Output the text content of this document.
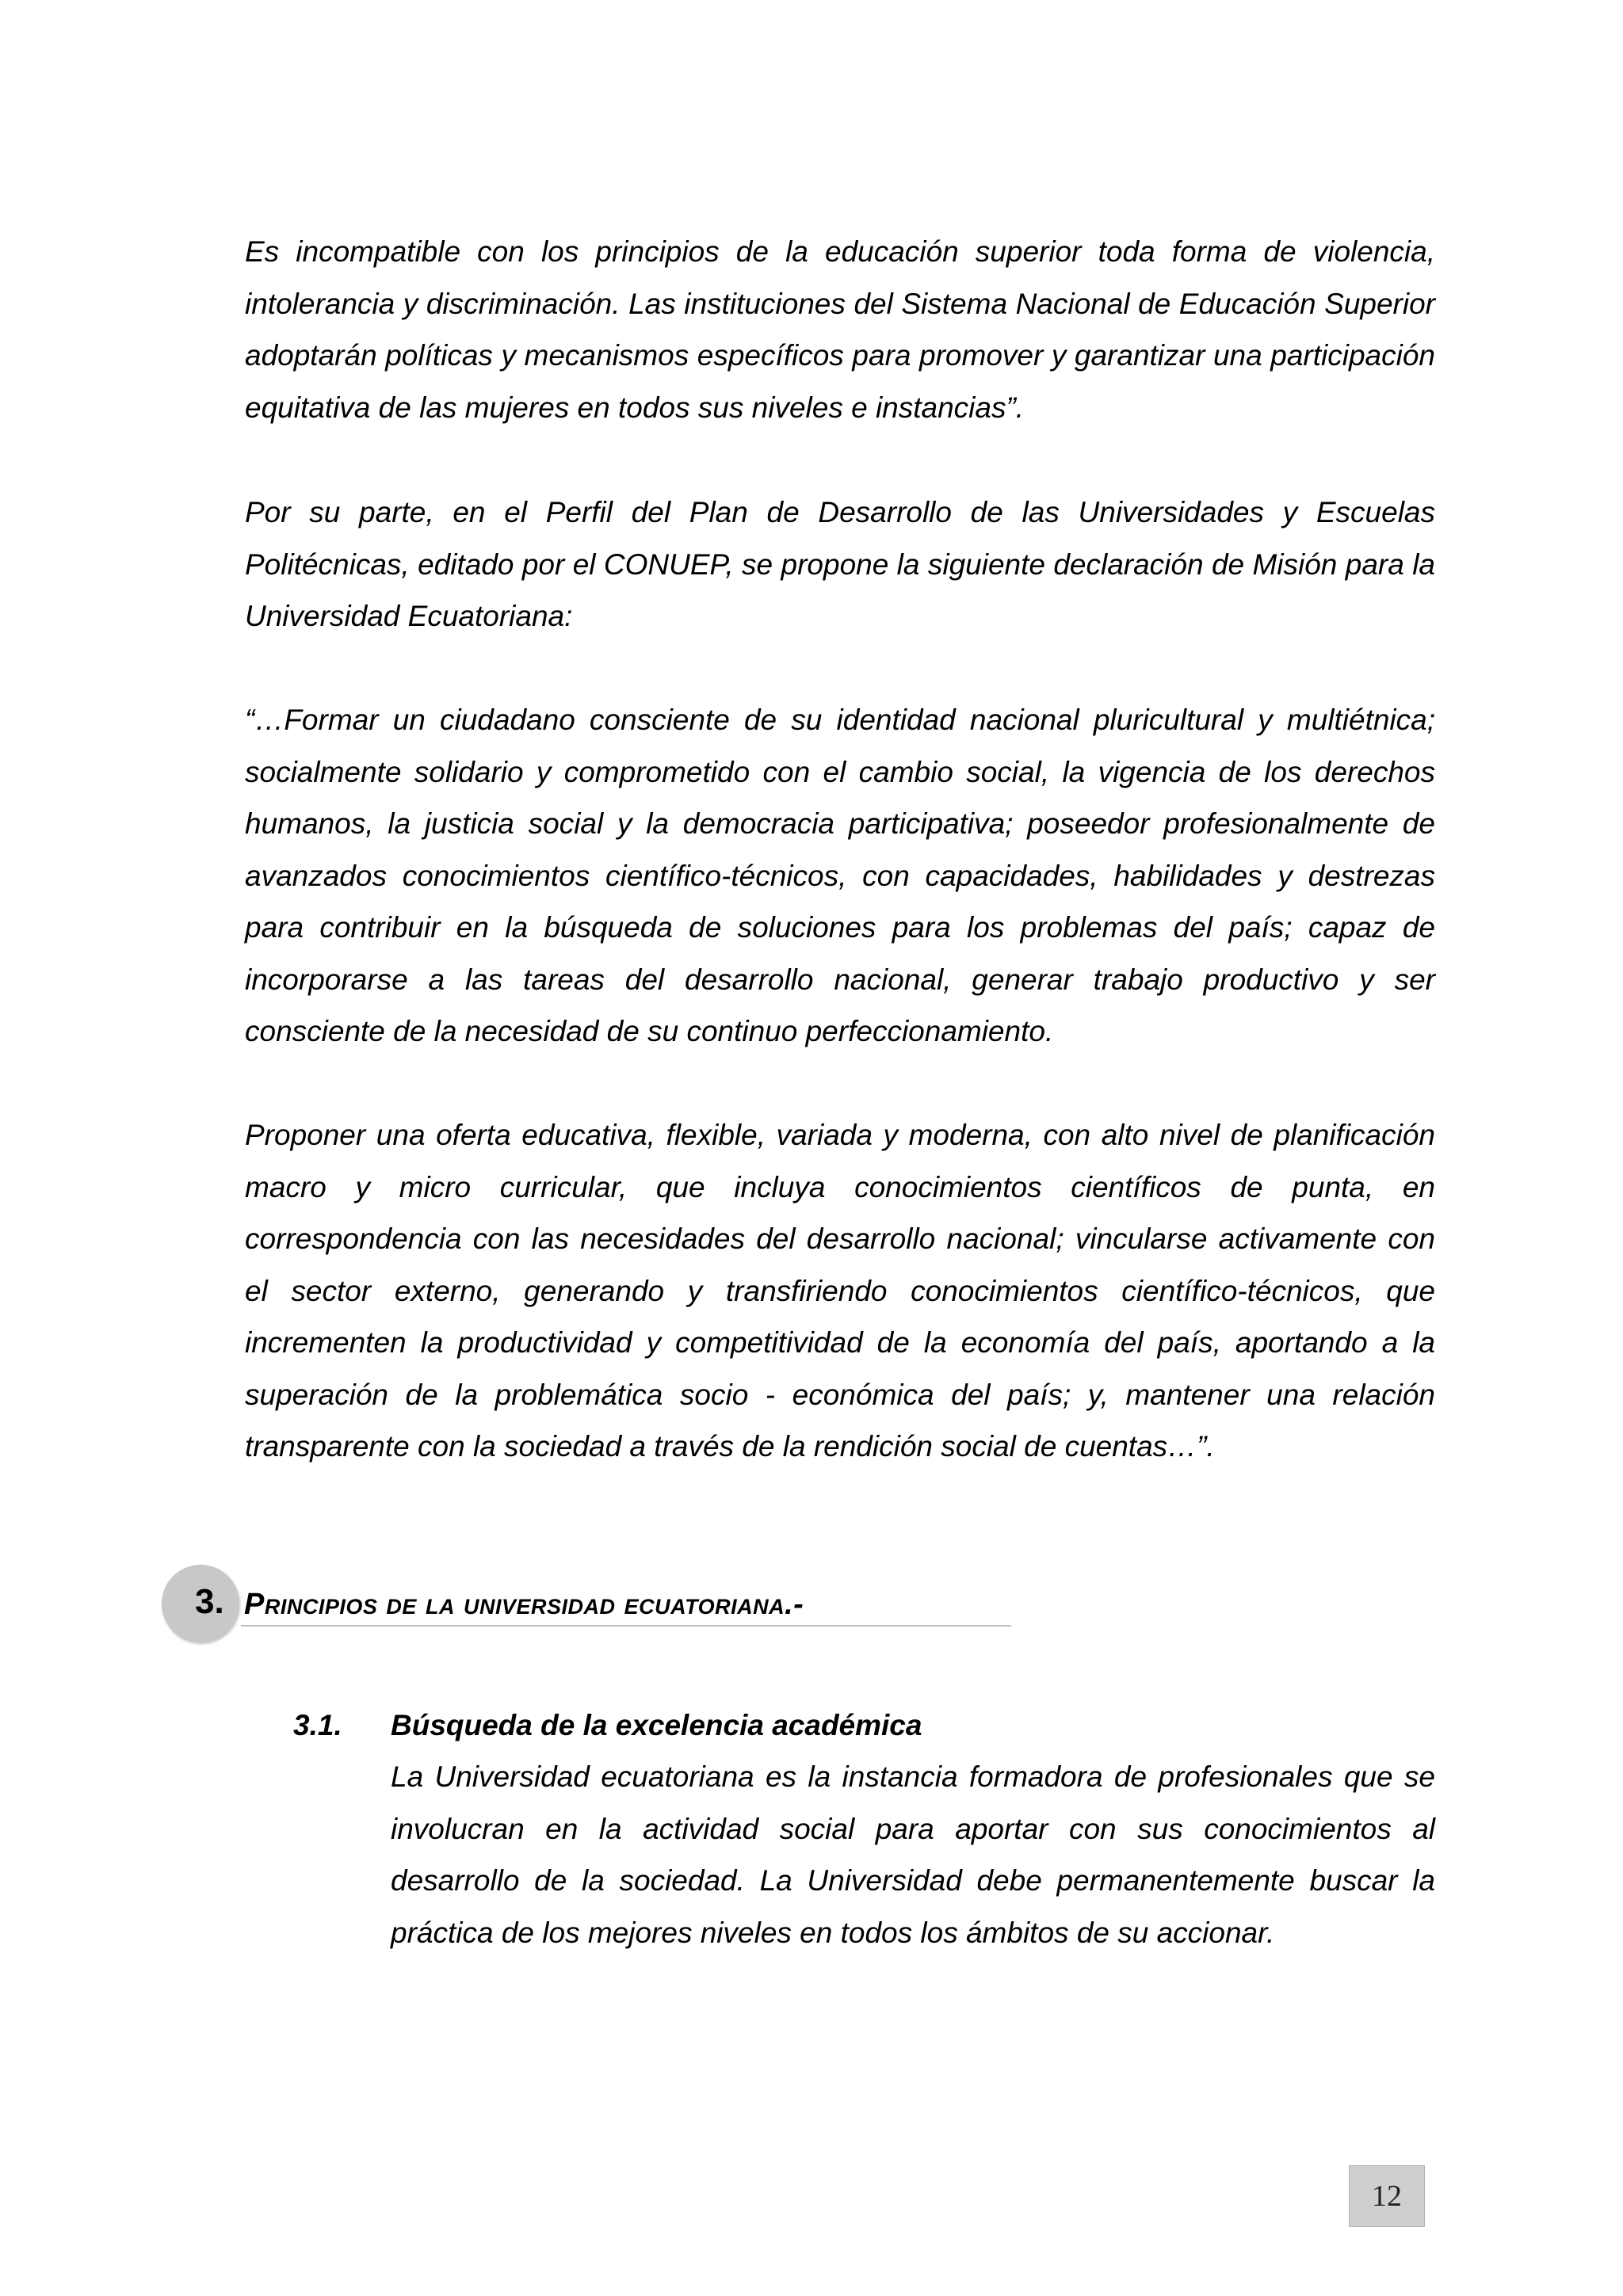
Es incompatible con los principios de la educación superior toda forma de violencia, intolerancia y discriminación. Las instituciones del Sistema Nacional de Educación Superior adoptarán políticas y mecanismos específicos para promover y garantizar una participación equitativa de las mujeres en todos sus niveles e instancias”.

Por su parte, en el Perfil del Plan de Desarrollo de las Universidades y Escuelas Politécnicas, editado por el CONUEP, se propone la siguiente declaración de Misión para la Universidad Ecuatoriana:

“…Formar un ciudadano consciente de su identidad nacional pluricultural y multiétnica; socialmente solidario y comprometido con el cambio social, la vigencia de los derechos humanos, la justicia social y la democracia participativa; poseedor profesionalmente de avanzados conocimientos científico-técnicos, con capacidades, habilidades y destrezas para contribuir en la búsqueda de soluciones para los problemas del país; capaz de incorporarse a las tareas del desarrollo nacional, generar trabajo productivo y ser consciente de la necesidad de su continuo perfeccionamiento.

Proponer una oferta educativa, flexible, variada y moderna, con alto nivel de planificación macro y micro curricular, que incluya conocimientos científicos de punta, en correspondencia con las necesidades del desarrollo nacional; vincularse activamente con el sector externo, generando y transfiriendo conocimientos científico-técnicos, que incrementen la productividad y competitividad de la economía del país, aportando a la superación de la problemática socio - económica del país; y, mantener una relación transparente con la sociedad a través de la rendición social de cuentas…”.

3. Principios de la universidad ecuatoriana.-
3.1. Búsqueda de la excelencia académica

La Universidad ecuatoriana es la instancia formadora de profesionales que se involucran en la actividad social para aportar con sus conocimientos al desarrollo de la sociedad. La Universidad debe permanentemente buscar la práctica de los mejores niveles en todos los ámbitos de su accionar.

12
